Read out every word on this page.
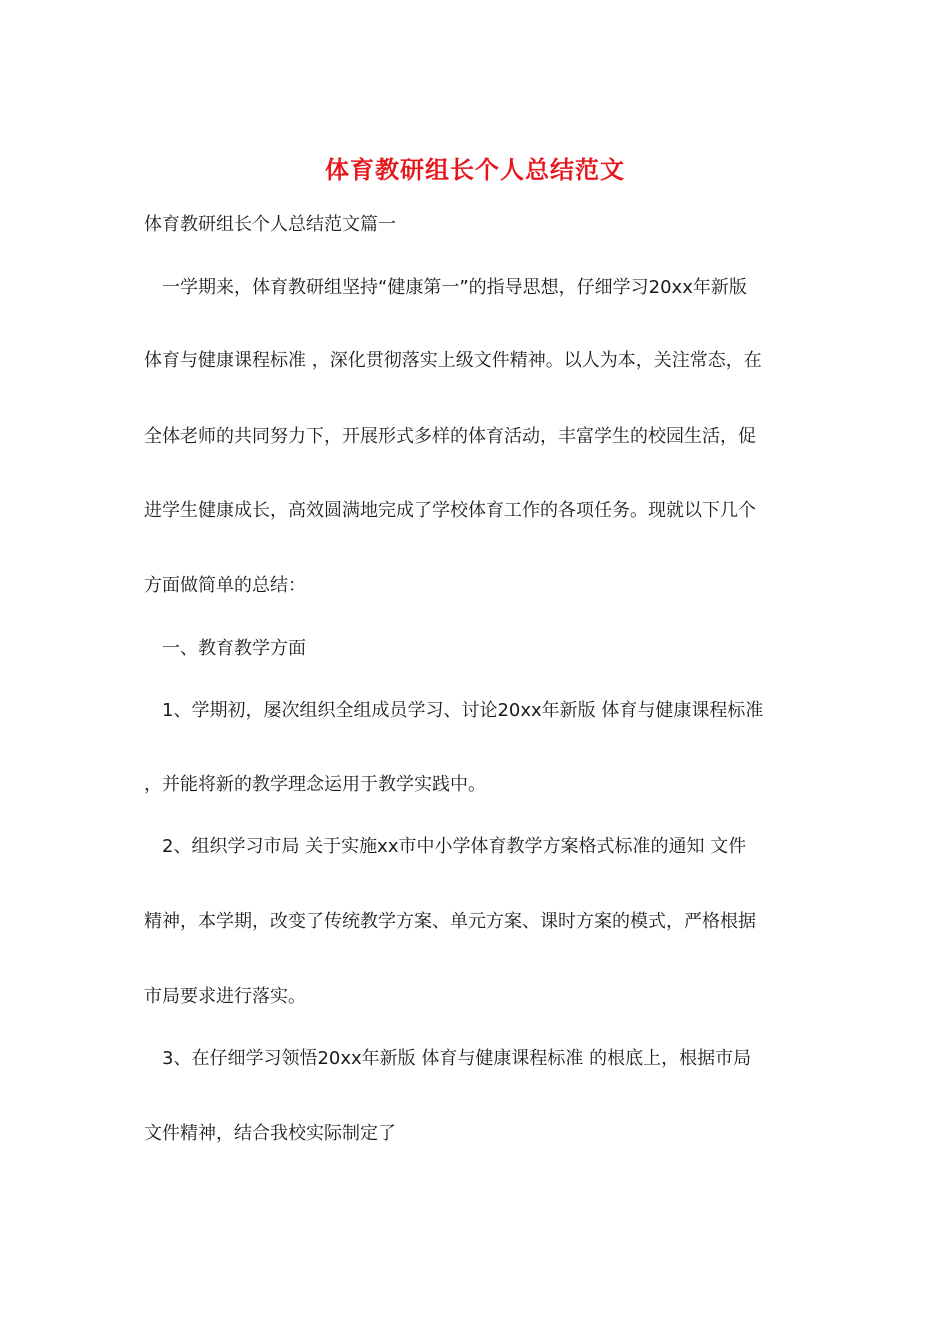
体育教研组长个人总结范文
体育教研组长个人总结范文篇一
一学期来，体育教研组坚持“健康第一”的指导思想，仔细学习20xx年新版
体育与健康课程标准 ，深化贯彻落实上级文件精神。以人为本，关注常态，在
全体老师的共同努力下，开展形式多样的体育活动，丰富学生的校园生活，促
进学生健康成长，高效圆满地完成了学校体育工作的各项任务。现就以下几个
方面做简单的总结：
一、教育教学方面
1、学期初，屡次组织全组成员学习、讨论20xx年新版 体育与健康课程标准
，并能将新的教学理念运用于教学实践中。
2、组织学习市局 关于实施xx市中小学体育教学方案格式标准的通知 文件
精神，本学期，改变了传统教学方案、单元方案、课时方案的模式，严格根据
市局要求进行落实。
3、在仔细学习领悟20xx年新版 体育与健康课程标准 的根底上，根据市局
文件精神，结合我校实际制定了
